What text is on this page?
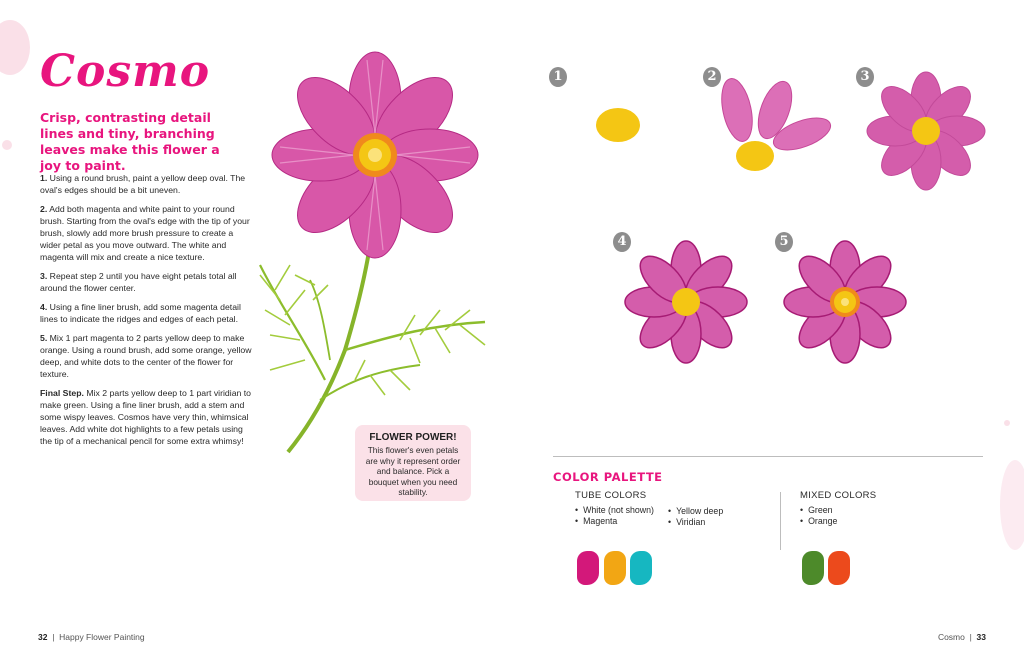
Cosmo

Crisp, contrasting detail lines and tiny, branching leaves make this flower a joy to paint.

1. Using a round brush, paint a yellow deep oval. The oval's edges should be a bit uneven.

2. Add both magenta and white paint to your round brush. Starting from the oval's edge with the tip of your brush, slowly add more brush pressure to create a wider petal as you move outward. The white and magenta will mix and create a nice texture.

3. Repeat step 2 until you have eight petals total all around the flower center.

4. Using a fine liner brush, add some magenta detail lines to indicate the ridges and edges of each petal.

5. Mix 1 part magenta to 2 parts yellow deep to make orange. Using a round brush, add some orange, yellow deep, and white dots to the center of the flower for texture.

Final Step. Mix 2 parts yellow deep to 1 part viridian to make green. Using a fine liner brush, add a stem and some wispy leaves. Cosmos have very thin, whimsical leaves. Add white dot highlights to a few petals using the tip of a mechanical pencil for some extra whimsy!	FLOWER POWER!
This flower's even petals are why it represent order and balance. Pick a bouquet when you need stability.
1	2	3
4	5
COLOR PALETTE
TUBE COLORS
• White (not shown)
• Magenta
• Yellow deep
• Viridian
MIXED COLORS
• Green
• Orange
32  |  Happy Flower Painting	Cosmo  |  33
